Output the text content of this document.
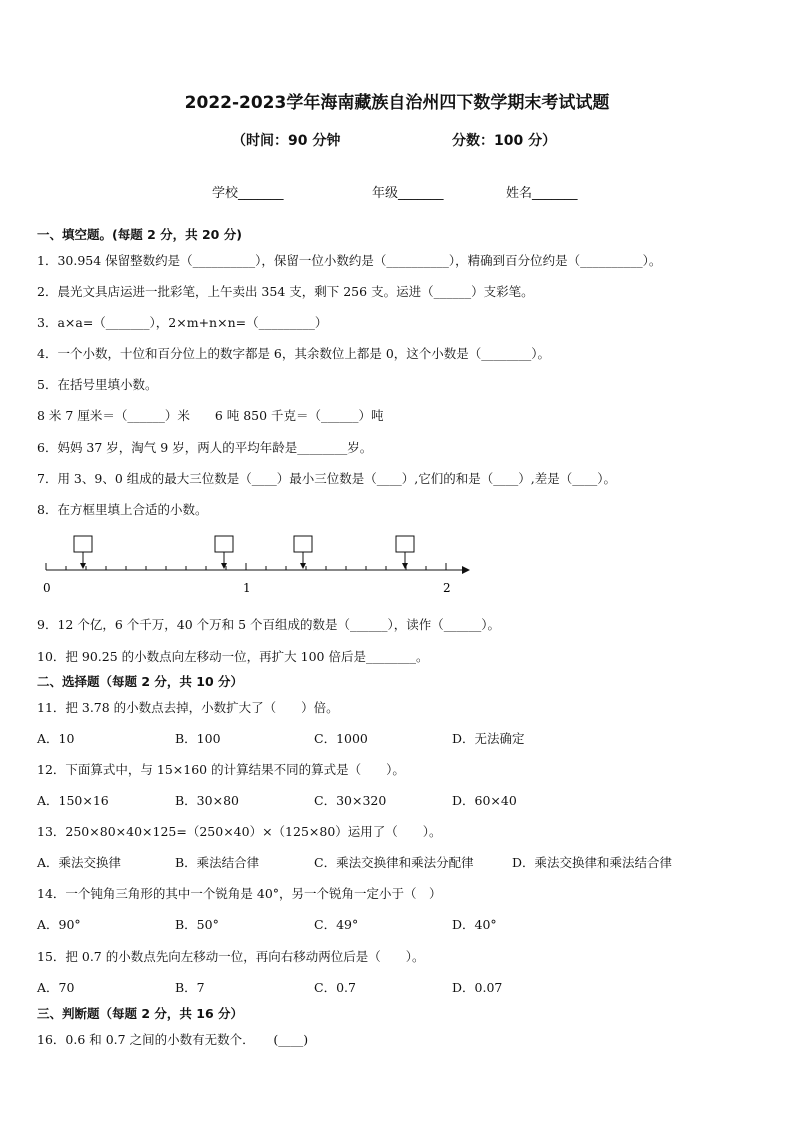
2022-2023学年海南藏族自治州四下数学期末考试试题
（时间：90 分钟	分数：100 分）
学校_______	年级_______	姓名_______
一、填空题。(每题 2 分，共 20 分)
1．30.954 保留整数约是（__________），保留一位小数约是（__________），精确到百分位约是（__________）。
2．晨光文具店运进一批彩笔，上午卖出 354 支，剩下 256 支。运进（______）支彩笔。
3．a×a=（_______），2×m+n×n=（_________）
4．一个小数，十位和百分位上的数字都是 6，其余数位上都是 0，这个小数是（________）。
5．在括号里填小数。
8 米 7 厘米＝（______）米　　6 吨 850 千克＝（______）吨
6．妈妈 37 岁，淘气 9 岁，两人的平均年龄是________岁。
7．用 3、9、0 组成的最大三位数是（____）最小三位数是（____）,它们的和是（____）,差是（____）。
8．在方框里填上合适的小数。
0	1	2
9．12 个亿，6 个千万，40 个万和 5 个百组成的数是（______），读作（______）。
10．把 90.25 的小数点向左移动一位，再扩大 100 倍后是________。
二、选择题（每题 2 分，共 10 分）
11．把 3.78 的小数点去掉，小数扩大了（　　）倍。
A．10	B．100	C．1000	D．无法确定
12．下面算式中，与 15×160 的计算结果不同的算式是（　　）。
A．150×16	B．30×80	C．30×320	D．60×40
13．250×80×40×125=（250×40）×（125×80）运用了（　　）。
A．乘法交换律	B．乘法结合律	C．乘法交换律和乘法分配律	D．乘法交换律和乘法结合律
14．一个钝角三角形的其中一个锐角是 40°，另一个锐角一定小于（　）
A．90°	B．50°	C．49°	D．40°
15．把 0.7 的小数点先向左移动一位，再向右移动两位后是（　　）。
A．70	B．7	C．0.7	D．0.07
三、判断题（每题 2 分，共 16 分）
16．0.6 和 0.7 之间的小数有无数个．　　(____)
